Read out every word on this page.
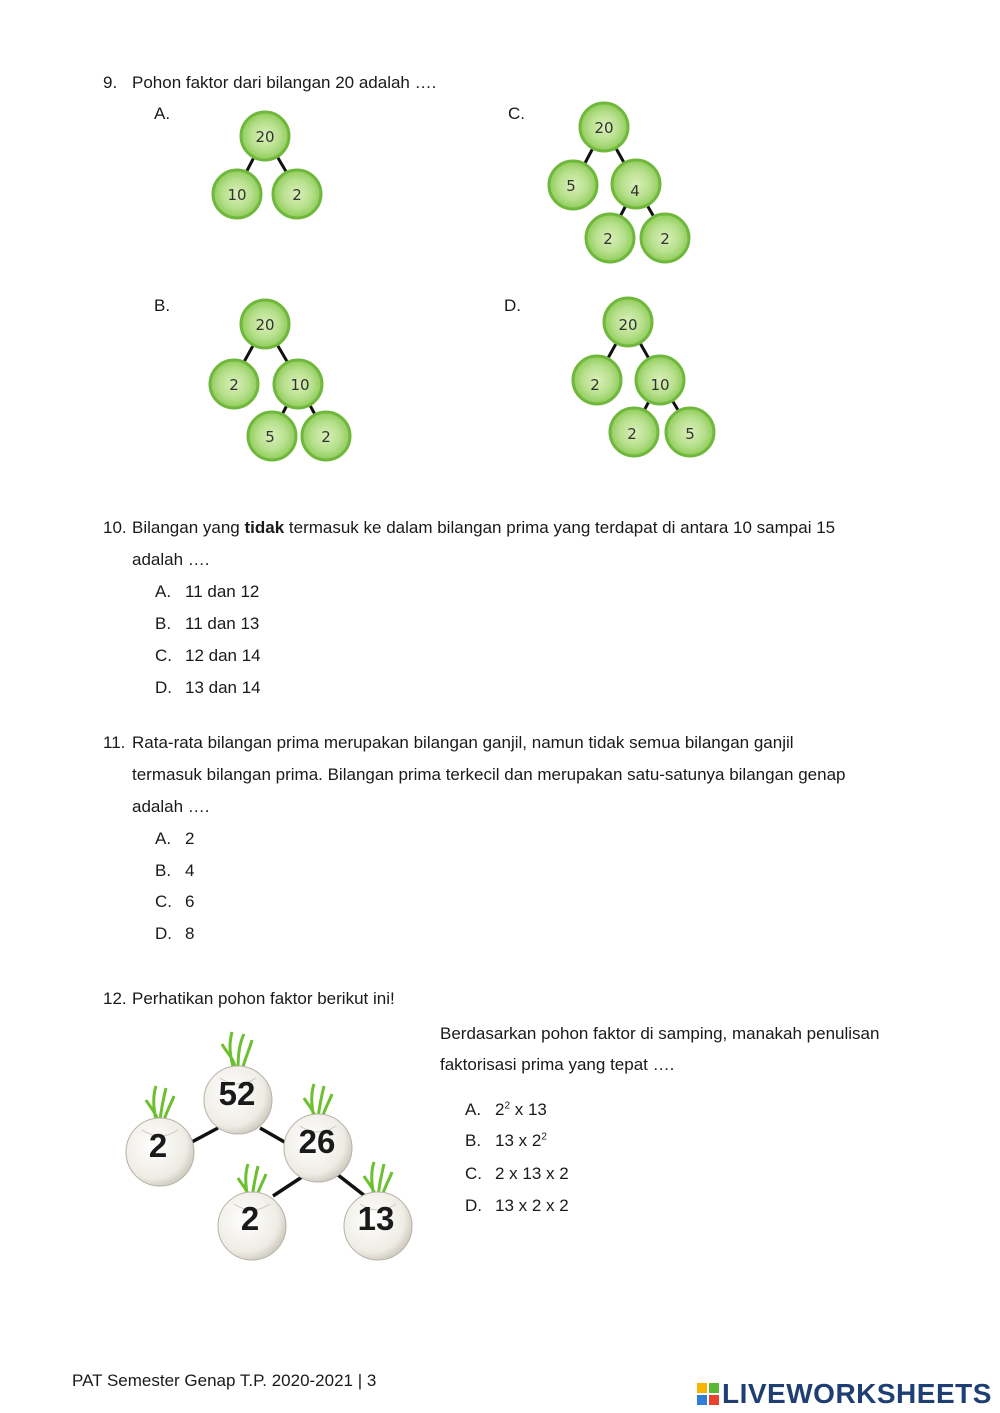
9. Pohon faktor dari bilangan 20 adalah ….
A.
B.
C.
D.
20
10	2
20
2	10
5	2
20
5	4
2	2
20
2	10
2	5
10. Bilangan yang tidak termasuk ke dalam bilangan prima yang terdapat di antara 10 sampai 15
adalah ….
A. 11 dan 12
B. 11 dan 13
C. 12 dan 14
D. 13 dan 14
11. Rata-rata bilangan prima merupakan bilangan ganjil, namun tidak semua bilangan ganjil
termasuk bilangan prima. Bilangan prima terkecil dan merupakan satu-satunya bilangan genap
adalah ….
A. 2
B. 4
C. 6
D. 8
12. Perhatikan pohon faktor berikut ini!
Berdasarkan pohon faktor di samping, manakah penulisan
faktorisasi prima yang tepat ….
A. $2^2$ x 13
B. 13 x $2^2$
C. 2 x 13 x 2
D. 13 x 2 x 2
52
2	26
2	13
PAT Semester Genap T.P. 2020-2021 | 3	LIVEWORKSHEETS
